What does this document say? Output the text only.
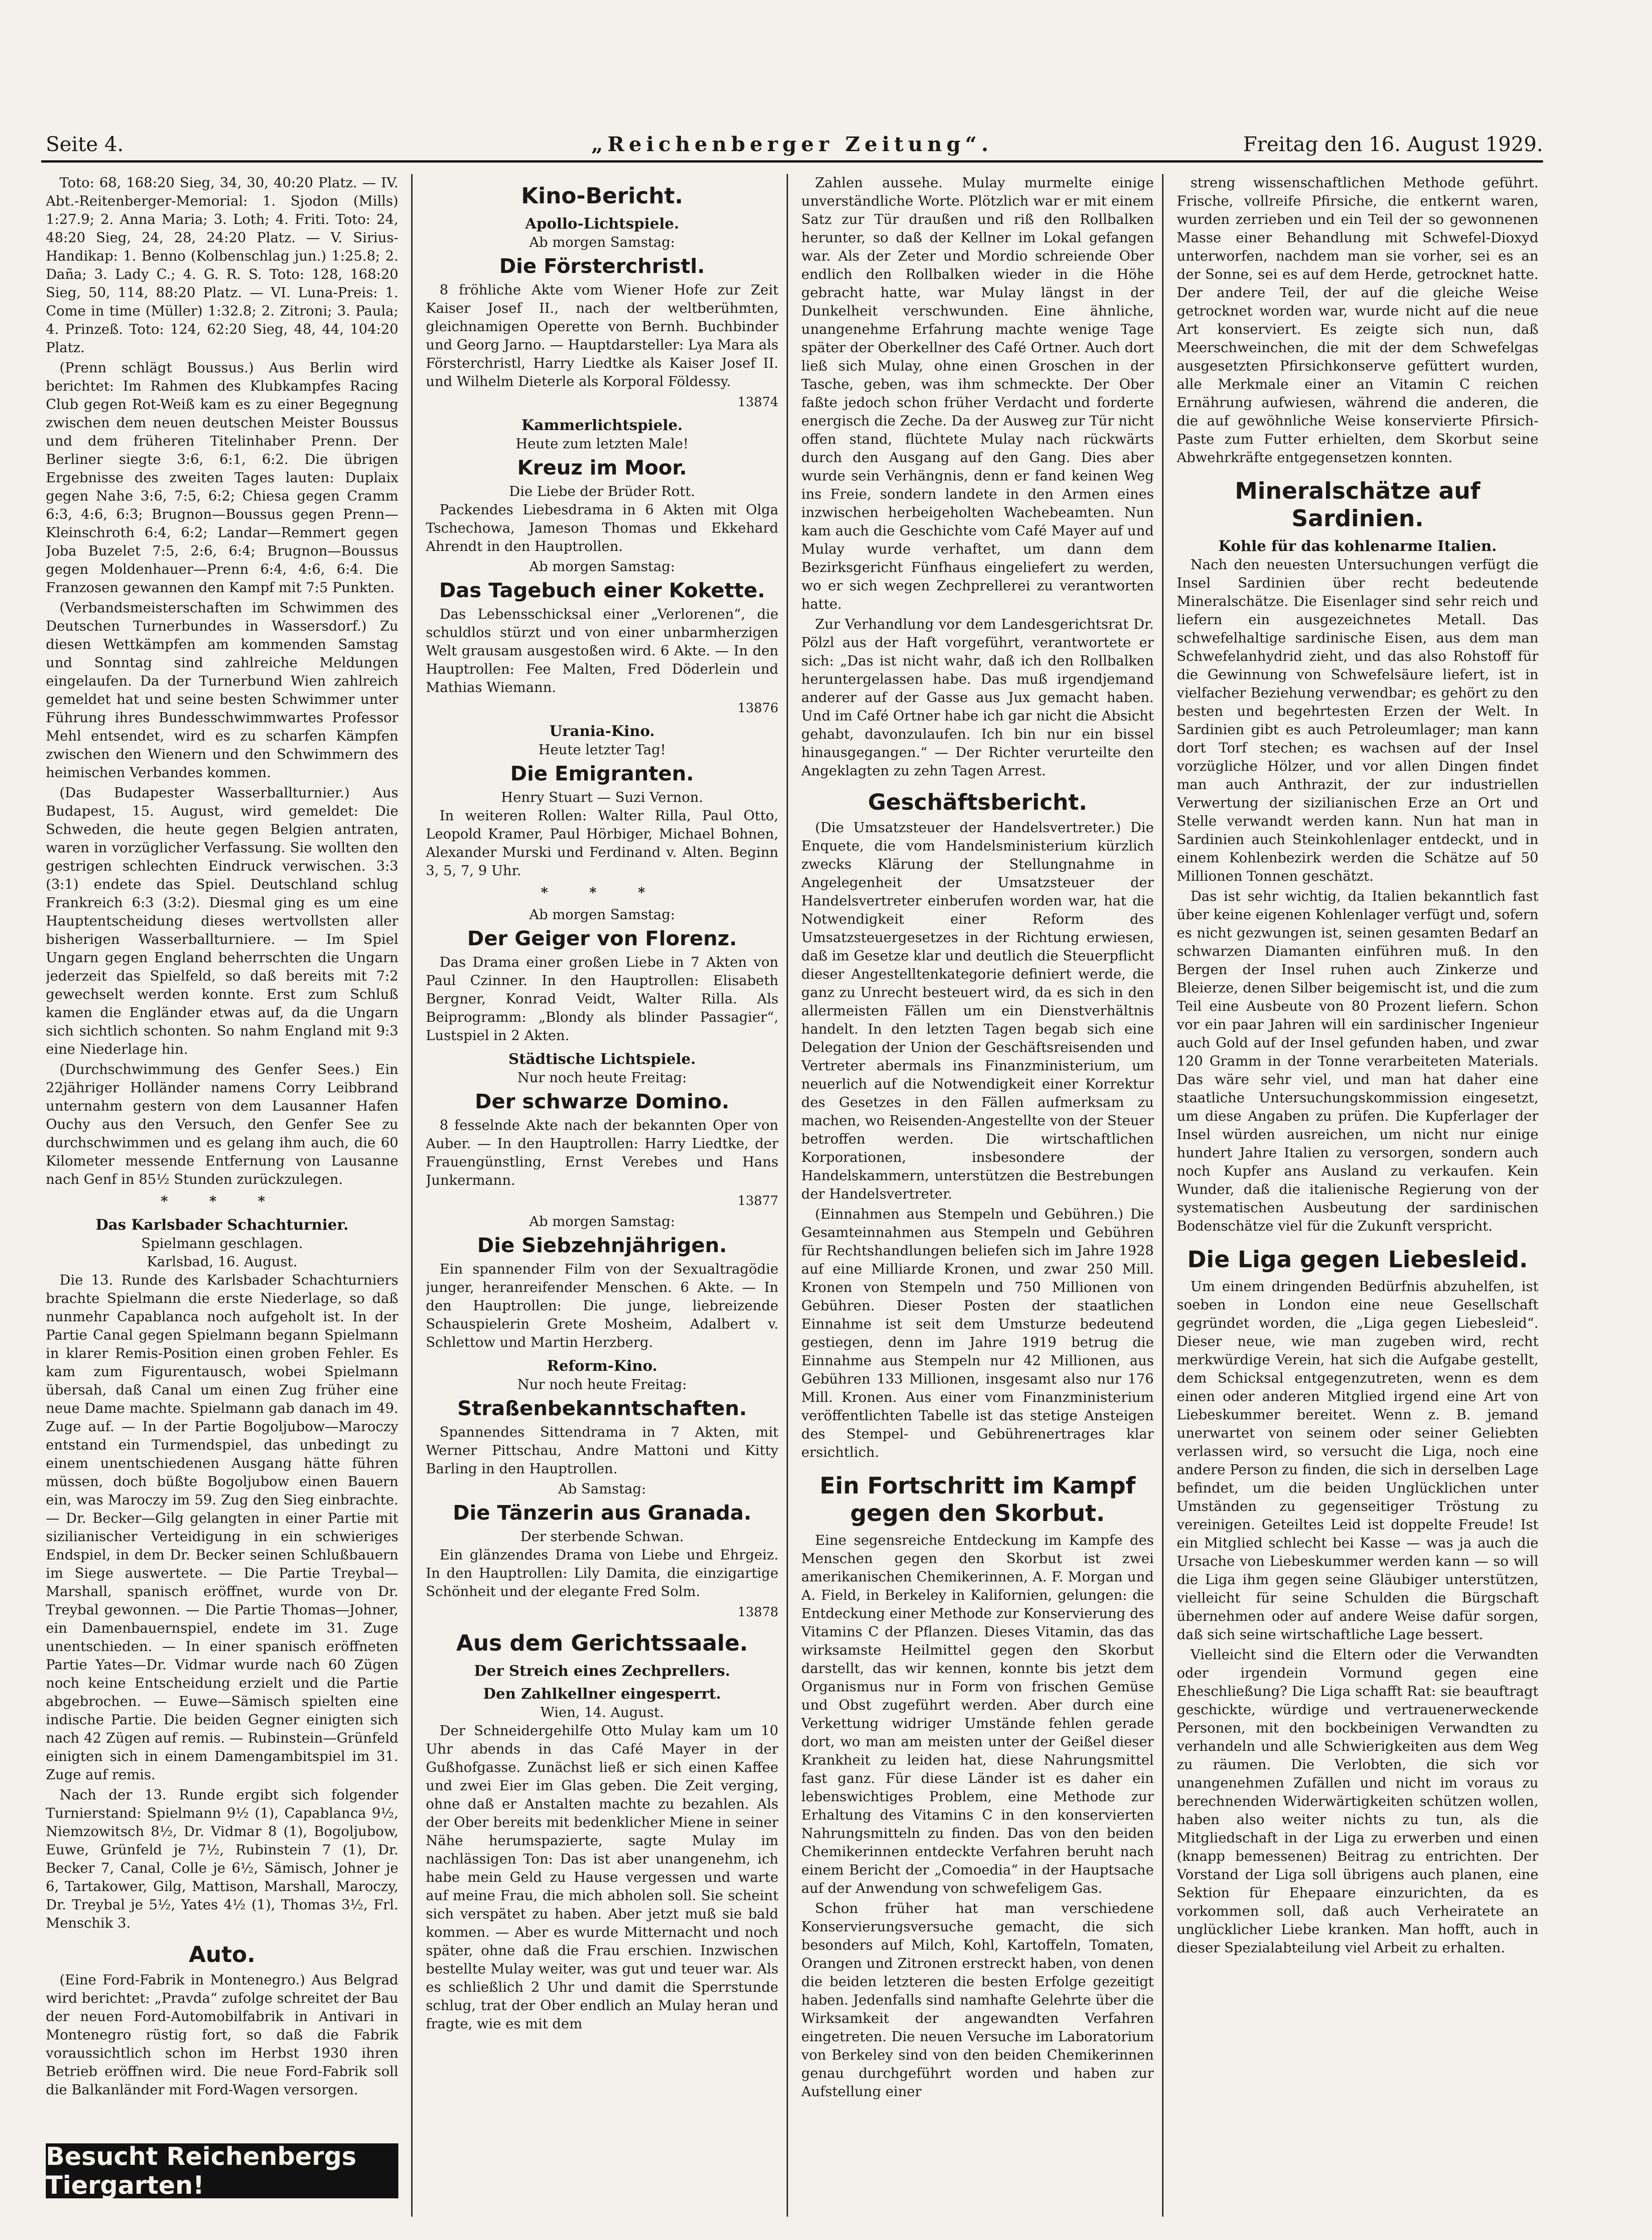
Seite 4.	„Reichenberger Zeitung“.	Freitag den 16. August 1929.

Toto: 68, 168:20 Sieg, 34, 30, 40:20 Platz. — IV. Abt.-Reitenberger-Memorial: 1. Sjodon (Mills) 1:27.9; 2. Anna Maria; 3. Loth; 4. Friti. Toto: 24, 48:20 Sieg, 24, 28, 24:20 Platz. — V. Sirius-Handikap: 1. Benno (Kolbenschlag jun.) 1:25.8; 2. Daña; 3. Lady C.; 4. G. R. S. Toto: 128, 168:20 Sieg, 50, 114, 88:20 Platz. — VI. Luna-Preis: 1. Come in time (Müller) 1:32.8; 2. Zitroni; 3. Paula; 4. Prinzeß. Toto: 124, 62:20 Sieg, 48, 44, 104:20 Platz.

(Prenn schlägt Boussus.) Aus Berlin wird berichtet: Im Rahmen des Klubkampfes Racing Club gegen Rot-Weiß kam es zu einer Begegnung zwischen dem neuen deutschen Meister Boussus und dem früheren Titelinhaber Prenn. Der Berliner siegte 3:6, 6:1, 6:2. Die übrigen Ergebnisse des zweiten Tages lauten: Duplaix gegen Nahe 3:6, 7:5, 6:2; Chiesa gegen Cramm 6:3, 4:6, 6:3; Brugnon—Boussus gegen Prenn—Kleinschroth 6:4, 6:2; Landar—Remmert gegen Joba Buzelet 7:5, 2:6, 6:4; Brugnon—Boussus gegen Moldenhauer—Prenn 6:4, 4:6, 6:4. Die Franzosen gewannen den Kampf mit 7:5 Punkten.

(Verbandsmeisterschaften im Schwimmen des Deutschen Turnerbundes in Wassersdorf.) Zu diesen Wettkämpfen am kommenden Samstag und Sonntag sind zahlreiche Meldungen eingelaufen. Da der Turnerbund Wien zahlreich gemeldet hat und seine besten Schwimmer unter Führung ihres Bundesschwimmwartes Professor Mehl entsendet, wird es zu scharfen Kämpfen zwischen den Wienern und den Schwimmern des heimischen Verbandes kommen.

(Das Budapester Wasserballturnier.) Aus Budapest, 15. August, wird gemeldet: Die Schweden, die heute gegen Belgien antraten, waren in vorzüglicher Verfassung. Sie wollten den gestrigen schlechten Eindruck verwischen. 3:3 (3:1) endete das Spiel. Deutschland schlug Frankreich 6:3 (3:2). Diesmal ging es um eine Hauptentscheidung dieses wertvollsten aller bisherigen Wasserballturniere. — Im Spiel Ungarn gegen England beherrschten die Ungarn jederzeit das Spielfeld, so daß bereits mit 7:2 gewechselt werden konnte. Erst zum Schluß kamen die Engländer etwas auf, da die Ungarn sich sichtlich schonten. So nahm England mit 9:3 eine Niederlage hin.

(Durchschwimmung des Genfer Sees.) Ein 22jähriger Holländer namens Corry Leibbrand unternahm gestern von dem Lausanner Hafen Ouchy aus den Versuch, den Genfer See zu durchschwimmen und es gelang ihm auch, die 60 Kilometer messende Entfernung von Lausanne nach Genf in 85½ Stunden zurückzulegen.

* * *
Das Karlsbader Schachturnier.
Spielmann geschlagen.
Karlsbad, 16. August.

Die 13. Runde des Karlsbader Schachturniers brachte Spielmann die erste Niederlage, so daß nunmehr Capablanca noch aufgeholt ist. In der Partie Canal gegen Spielmann begann Spielmann in klarer Remis-Position einen groben Fehler. Es kam zum Figurentausch, wobei Spielmann übersah, daß Canal um einen Zug früher eine neue Dame machte. Spielmann gab danach im 49. Zuge auf. — In der Partie Bogoljubow—Maroczy entstand ein Turmendspiel, das unbedingt zu einem unentschiedenen Ausgang hätte führen müssen, doch büßte Bogoljubow einen Bauern ein, was Maroczy im 59. Zug den Sieg einbrachte. — Dr. Becker—Gilg gelangten in einer Partie mit sizilianischer Verteidigung in ein schwieriges Endspiel, in dem Dr. Becker seinen Schlußbauern im Siege auswertete. — Die Partie Treybal—Marshall, spanisch eröffnet, wurde von Dr. Treybal gewonnen. — Die Partie Thomas—Johner, ein Damenbauernspiel, endete im 31. Zuge unentschieden. — In einer spanisch eröffneten Partie Yates—Dr. Vidmar wurde nach 60 Zügen noch keine Entscheidung erzielt und die Partie abgebrochen. — Euwe—Sämisch spielten eine indische Partie. Die beiden Gegner einigten sich nach 42 Zügen auf remis. — Rubinstein—Grünfeld einigten sich in einem Damengambitspiel im 31. Zuge auf remis.

Nach der 13. Runde ergibt sich folgender Turnierstand: Spielmann 9½ (1), Capablanca 9½, Niemzowitsch 8½, Dr. Vidmar 8 (1), Bogoljubow, Euwe, Grünfeld je 7½, Rubinstein 7 (1), Dr. Becker 7, Canal, Colle je 6½, Sämisch, Johner je 6, Tartakower, Gilg, Mattison, Marshall, Maroczy, Dr. Treybal je 5½, Yates 4½ (1), Thomas 3½, Frl. Menschik 3.

Auto.

(Eine Ford-Fabrik in Montenegro.) Aus Belgrad wird berichtet: „Pravda“ zufolge schreitet der Bau der neuen Ford-Automobilfabrik in Antivari in Montenegro rüstig fort, so daß die Fabrik voraussichtlich schon im Herbst 1930 ihren Betrieb eröffnen wird. Die neue Ford-Fabrik soll die Balkanländer mit Ford-Wagen versorgen.

Besucht Reichenbergs Tiergarten!
Kino-Bericht.
Apollo-Lichtspiele.
Ab morgen Samstag:
Die Försterchristl.

8 fröhliche Akte vom Wiener Hofe zur Zeit Kaiser Josef II., nach der weltberühmten, gleichnamigen Operette von Bernh. Buchbinder und Georg Jarno. — Hauptdarsteller: Lya Mara als Försterchristl, Harry Liedtke als Kaiser Josef II. und Wilhelm Dieterle als Korporal Földessy.

13874
Kammerlichtspiele.
Heute zum letzten Male!
Kreuz im Moor.
Die Liebe der Brüder Rott.

Packendes Liebesdrama in 6 Akten mit Olga Tschechowa, Jameson Thomas und Ekkehard Ahrendt in den Hauptrollen.

Ab morgen Samstag:
Das Tagebuch einer Kokette.

Das Lebensschicksal einer „Verlorenen“, die schuldlos stürzt und von einer unbarmherzigen Welt grausam ausgestoßen wird. 6 Akte. — In den Hauptrollen: Fee Malten, Fred Döderlein und Mathias Wiemann.

13876
Urania-Kino.
Heute letzter Tag!
Die Emigranten.
Henry Stuart — Suzi Vernon.

In weiteren Rollen: Walter Rilla, Paul Otto, Leopold Kramer, Paul Hörbiger, Michael Bohnen, Alexander Murski und Ferdinand v. Alten. Beginn 3, 5, 7, 9 Uhr.

* * *
Ab morgen Samstag:
Der Geiger von Florenz.

Das Drama einer großen Liebe in 7 Akten von Paul Czinner. In den Hauptrollen: Elisabeth Bergner, Konrad Veidt, Walter Rilla. Als Beiprogramm: „Blondy als blinder Passagier“, Lustspiel in 2 Akten.

Städtische Lichtspiele.
Nur noch heute Freitag:
Der schwarze Domino.

8 fesselnde Akte nach der bekannten Oper von Auber. — In den Hauptrollen: Harry Liedtke, der Frauengünstling, Ernst Verebes und Hans Junkermann.

13877
Ab morgen Samstag:
Die Siebzehnjährigen.

Ein spannender Film von der Sexualtragödie junger, heranreifender Menschen. 6 Akte. — In den Hauptrollen: Die junge, liebreizende Schauspielerin Grete Mosheim, Adalbert v. Schlettow und Martin Herzberg.

Reform-Kino.
Nur noch heute Freitag:
Straßenbekanntschaften.

Spannendes Sittendrama in 7 Akten, mit Werner Pittschau, Andre Mattoni und Kitty Barling in den Hauptrollen.

Ab Samstag:
Die Tänzerin aus Granada.
Der sterbende Schwan.

Ein glänzendes Drama von Liebe und Ehrgeiz. In den Hauptrollen: Lily Damita, die einzigartige Schönheit und der elegante Fred Solm.

13878
Aus dem Gerichtssaale.
Der Streich eines Zechprellers.
Den Zahlkellner eingesperrt.
Wien, 14. August.

Der Schneidergehilfe Otto Mulay kam um 10 Uhr abends in das Café Mayer in der Gußhofgasse. Zunächst ließ er sich einen Kaffee und zwei Eier im Glas geben. Die Zeit verging, ohne daß er Anstalten machte zu bezahlen. Als der Ober bereits mit bedenklicher Miene in seiner Nähe herumspazierte, sagte Mulay im nachlässigen Ton: Das ist aber unangenehm, ich habe mein Geld zu Hause vergessen und warte auf meine Frau, die mich abholen soll. Sie scheint sich verspätet zu haben. Aber jetzt muß sie bald kommen. — Aber es wurde Mitternacht und noch später, ohne daß die Frau erschien. Inzwischen bestellte Mulay weiter, was gut und teuer war. Als es schließlich 2 Uhr und damit die Sperrstunde schlug, trat der Ober endlich an Mulay heran und fragte, wie es mit dem

Zahlen aussehe. Mulay murmelte einige unverständliche Worte. Plötzlich war er mit einem Satz zur Tür draußen und riß den Rollbalken herunter, so daß der Kellner im Lokal gefangen war. Als der Zeter und Mordio schreiende Ober endlich den Rollbalken wieder in die Höhe gebracht hatte, war Mulay längst in der Dunkelheit verschwunden. Eine ähnliche, unangenehme Erfahrung machte wenige Tage später der Oberkellner des Café Ortner. Auch dort ließ sich Mulay, ohne einen Groschen in der Tasche, geben, was ihm schmeckte. Der Ober faßte jedoch schon früher Verdacht und forderte energisch die Zeche. Da der Ausweg zur Tür nicht offen stand, flüchtete Mulay nach rückwärts durch den Ausgang auf den Gang. Dies aber wurde sein Verhängnis, denn er fand keinen Weg ins Freie, sondern landete in den Armen eines inzwischen herbeigeholten Wachebeamten. Nun kam auch die Geschichte vom Café Mayer auf und Mulay wurde verhaftet, um dann dem Bezirksgericht Fünfhaus eingeliefert zu werden, wo er sich wegen Zechprellerei zu verantworten hatte.

Zur Verhandlung vor dem Landesgerichtsrat Dr. Pölzl aus der Haft vorgeführt, verantwortete er sich: „Das ist nicht wahr, daß ich den Rollbalken heruntergelassen habe. Das muß irgendjemand anderer auf der Gasse aus Jux gemacht haben. Und im Café Ortner habe ich gar nicht die Absicht gehabt, davonzulaufen. Ich bin nur ein bissel hinausgegangen.“ — Der Richter verurteilte den Angeklagten zu zehn Tagen Arrest.

Geschäftsbericht.

(Die Umsatzsteuer der Handelsvertreter.) Die Enquete, die vom Handelsministerium kürzlich zwecks Klärung der Stellungnahme in Angelegenheit der Umsatzsteuer der Handelsvertreter einberufen worden war, hat die Notwendigkeit einer Reform des Umsatzsteuergesetzes in der Richtung erwiesen, daß im Gesetze klar und deutlich die Steuerpflicht dieser Angestelltenkategorie definiert werde, die ganz zu Unrecht besteuert wird, da es sich in den allermeisten Fällen um ein Dienstverhältnis handelt. In den letzten Tagen begab sich eine Delegation der Union der Geschäftsreisenden und Vertreter abermals ins Finanzministerium, um neuerlich auf die Notwendigkeit einer Korrektur des Gesetzes in den Fällen aufmerksam zu machen, wo Reisenden-Angestellte von der Steuer betroffen werden. Die wirtschaftlichen Korporationen, insbesondere der Handelskammern, unterstützen die Bestrebungen der Handelsvertreter.

(Einnahmen aus Stempeln und Gebühren.) Die Gesamteinnahmen aus Stempeln und Gebühren für Rechtshandlungen beliefen sich im Jahre 1928 auf eine Milliarde Kronen, und zwar 250 Mill. Kronen von Stempeln und 750 Millionen von Gebühren. Dieser Posten der staatlichen Einnahme ist seit dem Umsturze bedeutend gestiegen, denn im Jahre 1919 betrug die Einnahme aus Stempeln nur 42 Millionen, aus Gebühren 133 Millionen, insgesamt also nur 176 Mill. Kronen. Aus einer vom Finanzministerium veröffentlichten Tabelle ist das stetige Ansteigen des Stempel- und Gebührenertrages klar ersichtlich.

Ein Fortschritt im Kampf gegen den Skorbut.

Eine segensreiche Entdeckung im Kampfe des Menschen gegen den Skorbut ist zwei amerikanischen Chemikerinnen, A. F. Morgan und A. Field, in Berkeley in Kalifornien, gelungen: die Entdeckung einer Methode zur Konservierung des Vitamins C der Pflanzen. Dieses Vitamin, das das wirksamste Heilmittel gegen den Skorbut darstellt, das wir kennen, konnte bis jetzt dem Organismus nur in Form von frischen Gemüse und Obst zugeführt werden. Aber durch eine Verkettung widriger Umstände fehlen gerade dort, wo man am meisten unter der Geißel dieser Krankheit zu leiden hat, diese Nahrungsmittel fast ganz. Für diese Länder ist es daher ein lebenswichtiges Problem, eine Methode zur Erhaltung des Vitamins C in den konservierten Nahrungsmitteln zu finden. Das von den beiden Chemikerinnen entdeckte Verfahren beruht nach einem Bericht der „Comoedia“ in der Hauptsache auf der Anwendung von schwefeligem Gas.

Schon früher hat man verschiedene Konservierungsversuche gemacht, die sich besonders auf Milch, Kohl, Kartoffeln, Tomaten, Orangen und Zitronen erstreckt haben, von denen die beiden letzteren die besten Erfolge gezeitigt haben. Jedenfalls sind namhafte Gelehrte über die Wirksamkeit der angewandten Verfahren eingetreten. Die neuen Versuche im Laboratorium von Berkeley sind von den beiden Chemikerinnen genau durchgeführt worden und haben zur Aufstellung einer

streng wissenschaftlichen Methode geführt. Frische, vollreife Pfirsiche, die entkernt waren, wurden zerrieben und ein Teil der so gewonnenen Masse einer Behandlung mit Schwefel-Dioxyd unterworfen, nachdem man sie vorher, sei es an der Sonne, sei es auf dem Herde, getrocknet hatte. Der andere Teil, der auf die gleiche Weise getrocknet worden war, wurde nicht auf die neue Art konserviert. Es zeigte sich nun, daß Meerschweinchen, die mit der dem Schwefelgas ausgesetzten Pfirsichkonserve gefüttert wurden, alle Merkmale einer an Vitamin C reichen Ernährung aufwiesen, während die anderen, die die auf gewöhnliche Weise konservierte Pfirsich-Paste zum Futter erhielten, dem Skorbut seine Abwehrkräfte entgegensetzen konnten.

Mineralschätze auf Sardinien.
Kohle für das kohlenarme Italien.

Nach den neuesten Untersuchungen verfügt die Insel Sardinien über recht bedeutende Mineralschätze. Die Eisenlager sind sehr reich und liefern ein ausgezeichnetes Metall. Das schwefelhaltige sardinische Eisen, aus dem man Schwefelanhydrid zieht, und das also Rohstoff für die Gewinnung von Schwefelsäure liefert, ist in vielfacher Beziehung verwendbar; es gehört zu den besten und begehrtesten Erzen der Welt. In Sardinien gibt es auch Petroleumlager; man kann dort Torf stechen; es wachsen auf der Insel vorzügliche Hölzer, und vor allen Dingen findet man auch Anthrazit, der zur industriellen Verwertung der sizilianischen Erze an Ort und Stelle verwandt werden kann. Nun hat man in Sardinien auch Steinkohlenlager entdeckt, und in einem Kohlenbezirk werden die Schätze auf 50 Millionen Tonnen geschätzt.

Das ist sehr wichtig, da Italien bekanntlich fast über keine eigenen Kohlenlager verfügt und, sofern es nicht gezwungen ist, seinen gesamten Bedarf an schwarzen Diamanten einführen muß. In den Bergen der Insel ruhen auch Zinkerze und Bleierze, denen Silber beigemischt ist, und die zum Teil eine Ausbeute von 80 Prozent liefern. Schon vor ein paar Jahren will ein sardinischer Ingenieur auch Gold auf der Insel gefunden haben, und zwar 120 Gramm in der Tonne verarbeiteten Materials. Das wäre sehr viel, und man hat daher eine staatliche Untersuchungskommission eingesetzt, um diese Angaben zu prüfen. Die Kupferlager der Insel würden ausreichen, um nicht nur einige hundert Jahre Italien zu versorgen, sondern auch noch Kupfer ans Ausland zu verkaufen. Kein Wunder, daß die italienische Regierung von der systematischen Ausbeutung der sardinischen Bodenschätze viel für die Zukunft verspricht.

Die Liga gegen Liebesleid.

Um einem dringenden Bedürfnis abzuhelfen, ist soeben in London eine neue Gesellschaft gegründet worden, die „Liga gegen Liebesleid“. Dieser neue, wie man zugeben wird, recht merkwürdige Verein, hat sich die Aufgabe gestellt, dem Schicksal entgegenzutreten, wenn es dem einen oder anderen Mitglied irgend eine Art von Liebeskummer bereitet. Wenn z. B. jemand unerwartet von seinem oder seiner Geliebten verlassen wird, so versucht die Liga, noch eine andere Person zu finden, die sich in derselben Lage befindet, um die beiden Unglücklichen unter Umständen zu gegenseitiger Tröstung zu vereinigen. Geteiltes Leid ist doppelte Freude! Ist ein Mitglied schlecht bei Kasse — was ja auch die Ursache von Liebeskummer werden kann — so will die Liga ihm gegen seine Gläubiger unterstützen, vielleicht für seine Schulden die Bürgschaft übernehmen oder auf andere Weise dafür sorgen, daß sich seine wirtschaftliche Lage bessert.

Vielleicht sind die Eltern oder die Verwandten oder irgendein Vormund gegen eine Eheschließung? Die Liga schafft Rat: sie beauftragt geschickte, würdige und vertrauenerweckende Personen, mit den bockbeinigen Verwandten zu verhandeln und alle Schwierigkeiten aus dem Weg zu räumen. Die Verlobten, die sich vor unangenehmen Zufällen und nicht im voraus zu berechnenden Widerwärtigkeiten schützen wollen, haben also weiter nichts zu tun, als die Mitgliedschaft in der Liga zu erwerben und einen (knapp bemessenen) Beitrag zu entrichten. Der Vorstand der Liga soll übrigens auch planen, eine Sektion für Ehepaare einzurichten, da es vorkommen soll, daß auch Verheiratete an unglücklicher Liebe kranken. Man hofft, auch in dieser Spezialabteilung viel Arbeit zu erhalten.
